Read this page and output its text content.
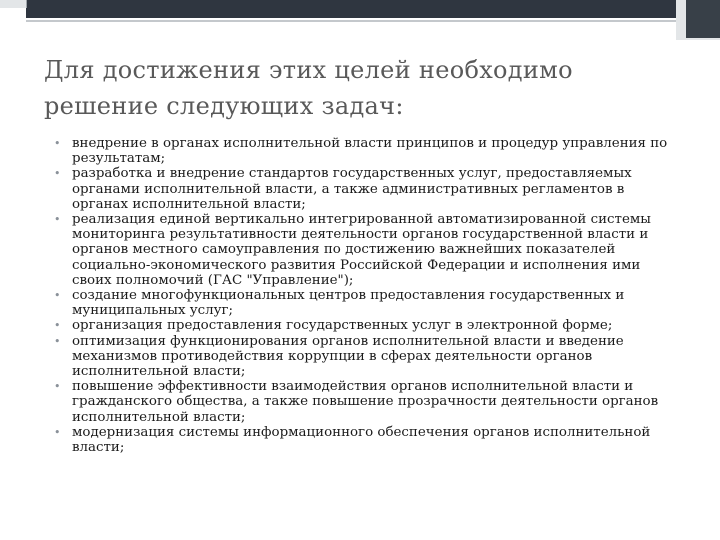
Для достижения этих целей необходимо
решение следующих задач:
• внедрение в органах исполнительной власти принципов и процедур управления по результатам;
• разработка и внедрение стандартов государственных услуг, предоставляемых органами исполнительной власти, а также административных регламентов в органах исполнительной власти;
• реализация единой вертикально интегрированной автоматизированной системы мониторинга результативности деятельности органов государственной власти и органов местного самоуправления по достижению важнейших показателей социально-экономического развития Российской Федерации и исполнения ими своих полномочий (ГАС "Управление");
• создание многофункциональных центров предоставления государственных и муниципальных услуг;
• организация предоставления государственных услуг в электронной форме;
• оптимизация функционирования органов исполнительной власти и введение механизмов противодействия коррупции в сферах деятельности органов исполнительной власти;
• повышение эффективности взаимодействия органов исполнительной власти и гражданского общества, а также повышение прозрачности деятельности органов исполнительной власти;
• модернизация системы информационного обеспечения органов исполнительной власти;
